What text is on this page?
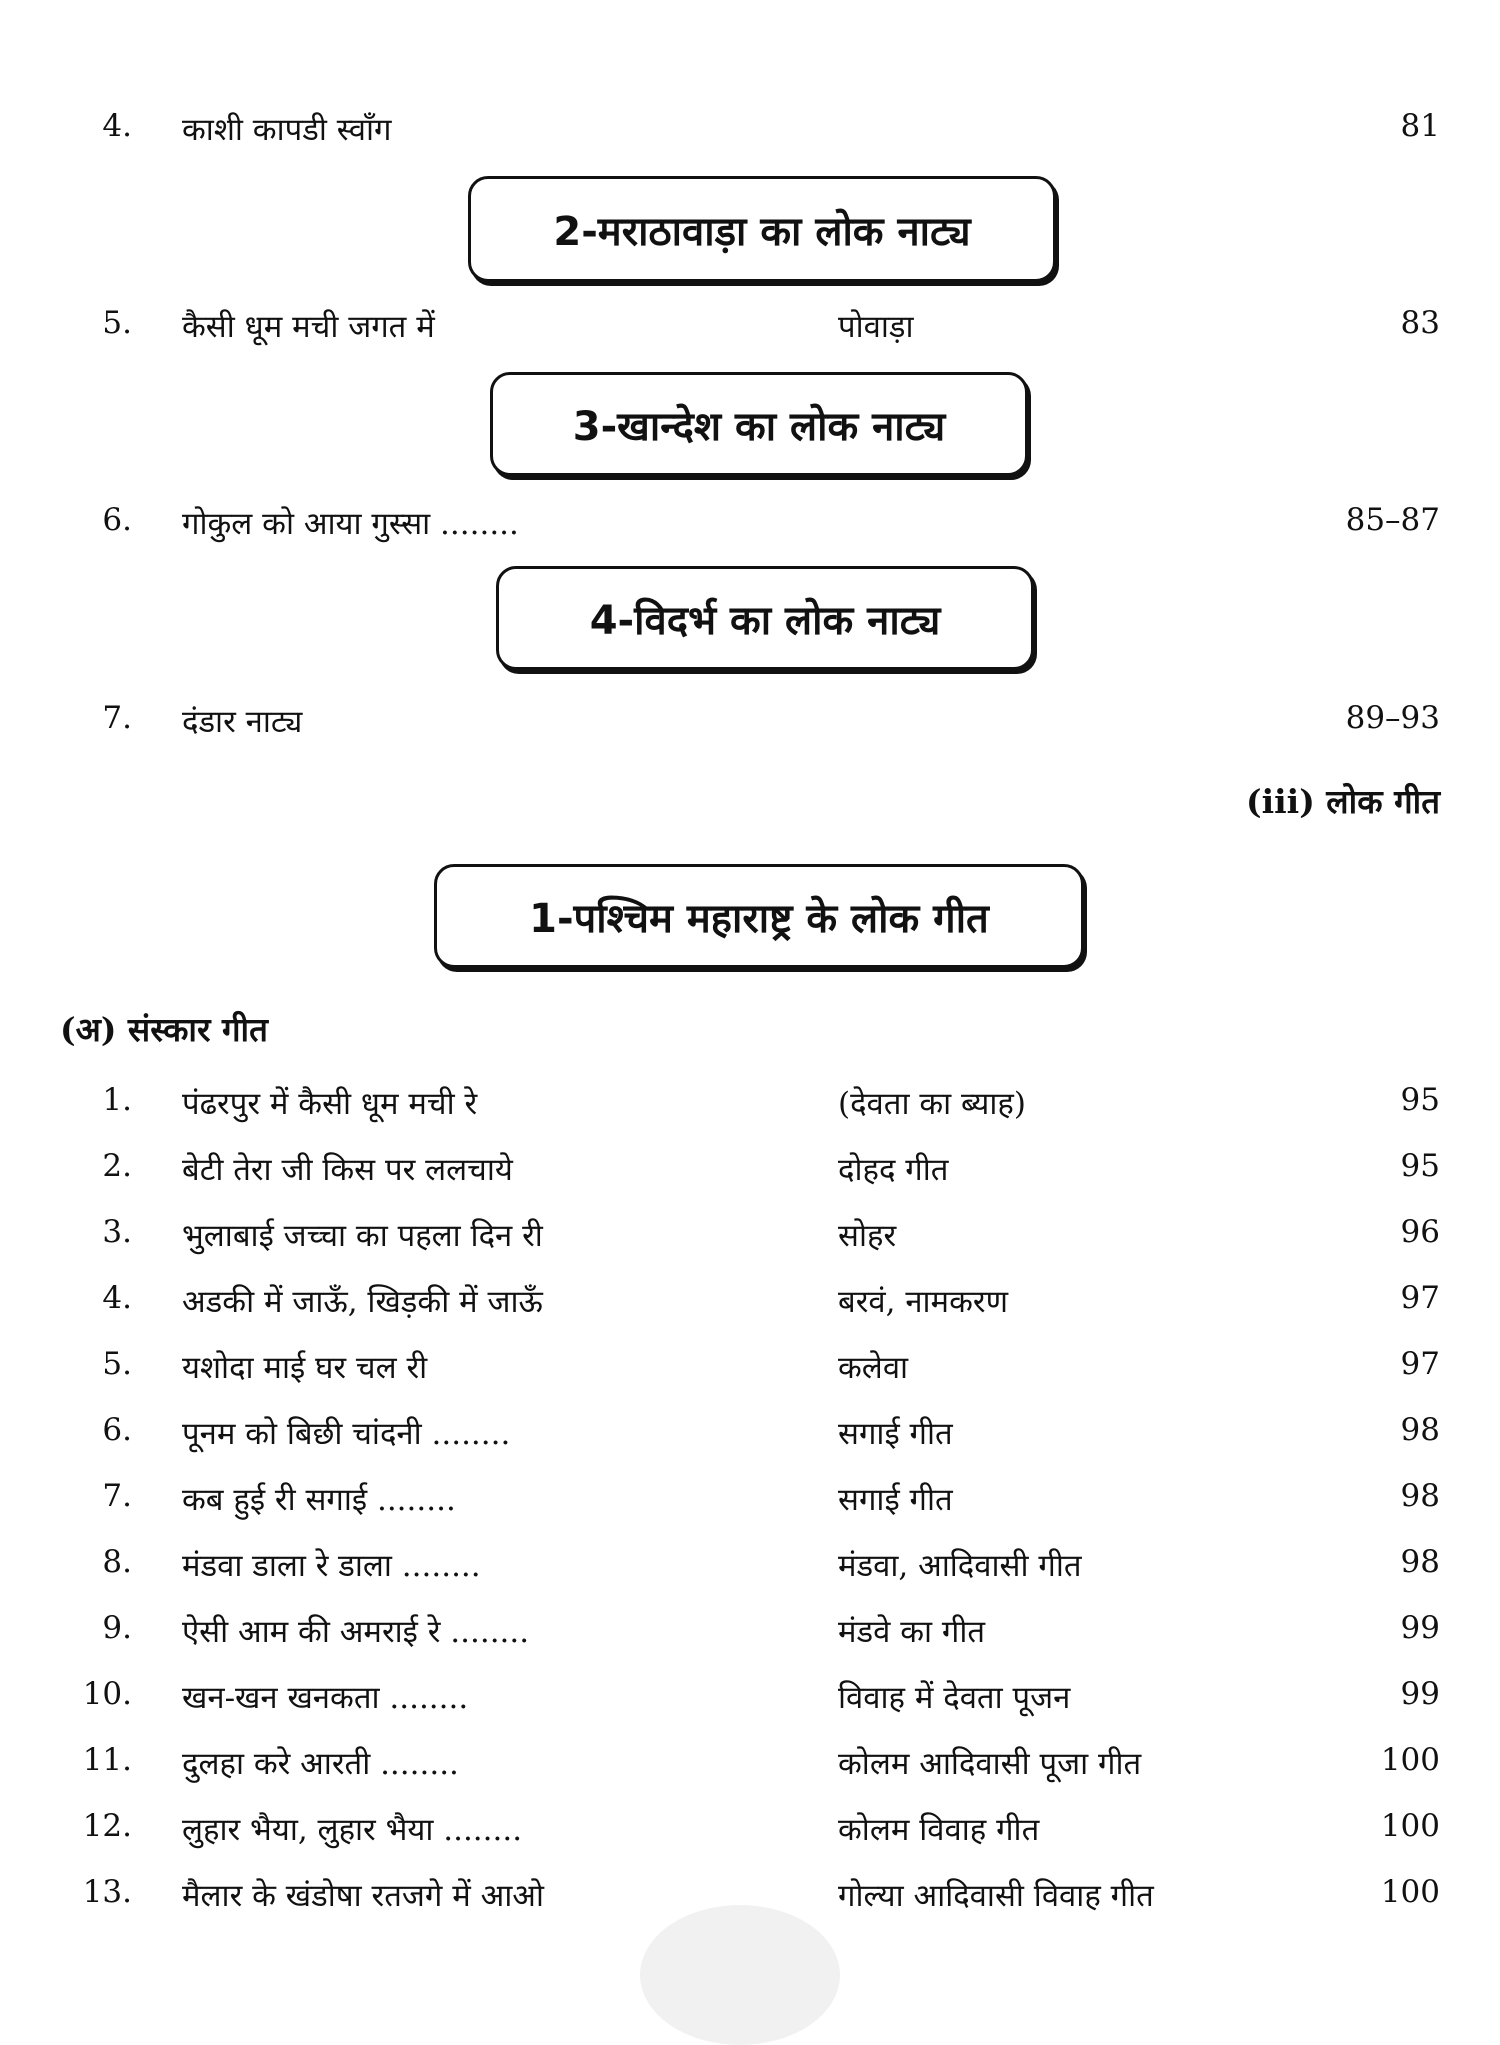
4. काशी कापडी स्वाँग	81
2-मराठावाड़ा का लोक नाट्य
5. कैसी धूम मची जगत में	पोवाड़ा	83
3-खान्देश का लोक नाट्य
6. गोकुल को आया गुस्सा ........	85–87
4-विदर्भ का लोक नाट्य
7. दंडार नाट्य	89–93
(iii) लोक गीत
1-पश्चिम महाराष्ट्र के लोक गीत
(अ) संस्कार गीत
1. पंढरपुर में कैसी धूम मची रे	(देवता का ब्याह)	95
2. बेटी तेरा जी किस पर ललचाये	दोहद गीत	95
3. भुलाबाई जच्चा का पहला दिन री	सोहर	96
4. अडकी में जाऊँ, खिड़की में जाऊँ	बरवं, नामकरण	97
5. यशोदा माई घर चल री	कलेवा	97
6. पूनम को बिछी चांदनी ........	सगाई गीत	98
7. कब हुई री सगाई ........	सगाई गीत	98
8. मंडवा डाला रे डाला ........	मंडवा, आदिवासी गीत	98
9. ऐसी आम की अमराई रे ........	मंडवे का गीत	99
10. खन-खन खनकता ........	विवाह में देवता पूजन	99
11. दुलहा करे आरती ........	कोलम आदिवासी पूजा गीत	100
12. लुहार भैया, लुहार भैया ........	कोलम विवाह गीत	100
13. मैलार के खंडोषा रतजगे में आओ	गोल्या आदिवासी विवाह गीत	100
